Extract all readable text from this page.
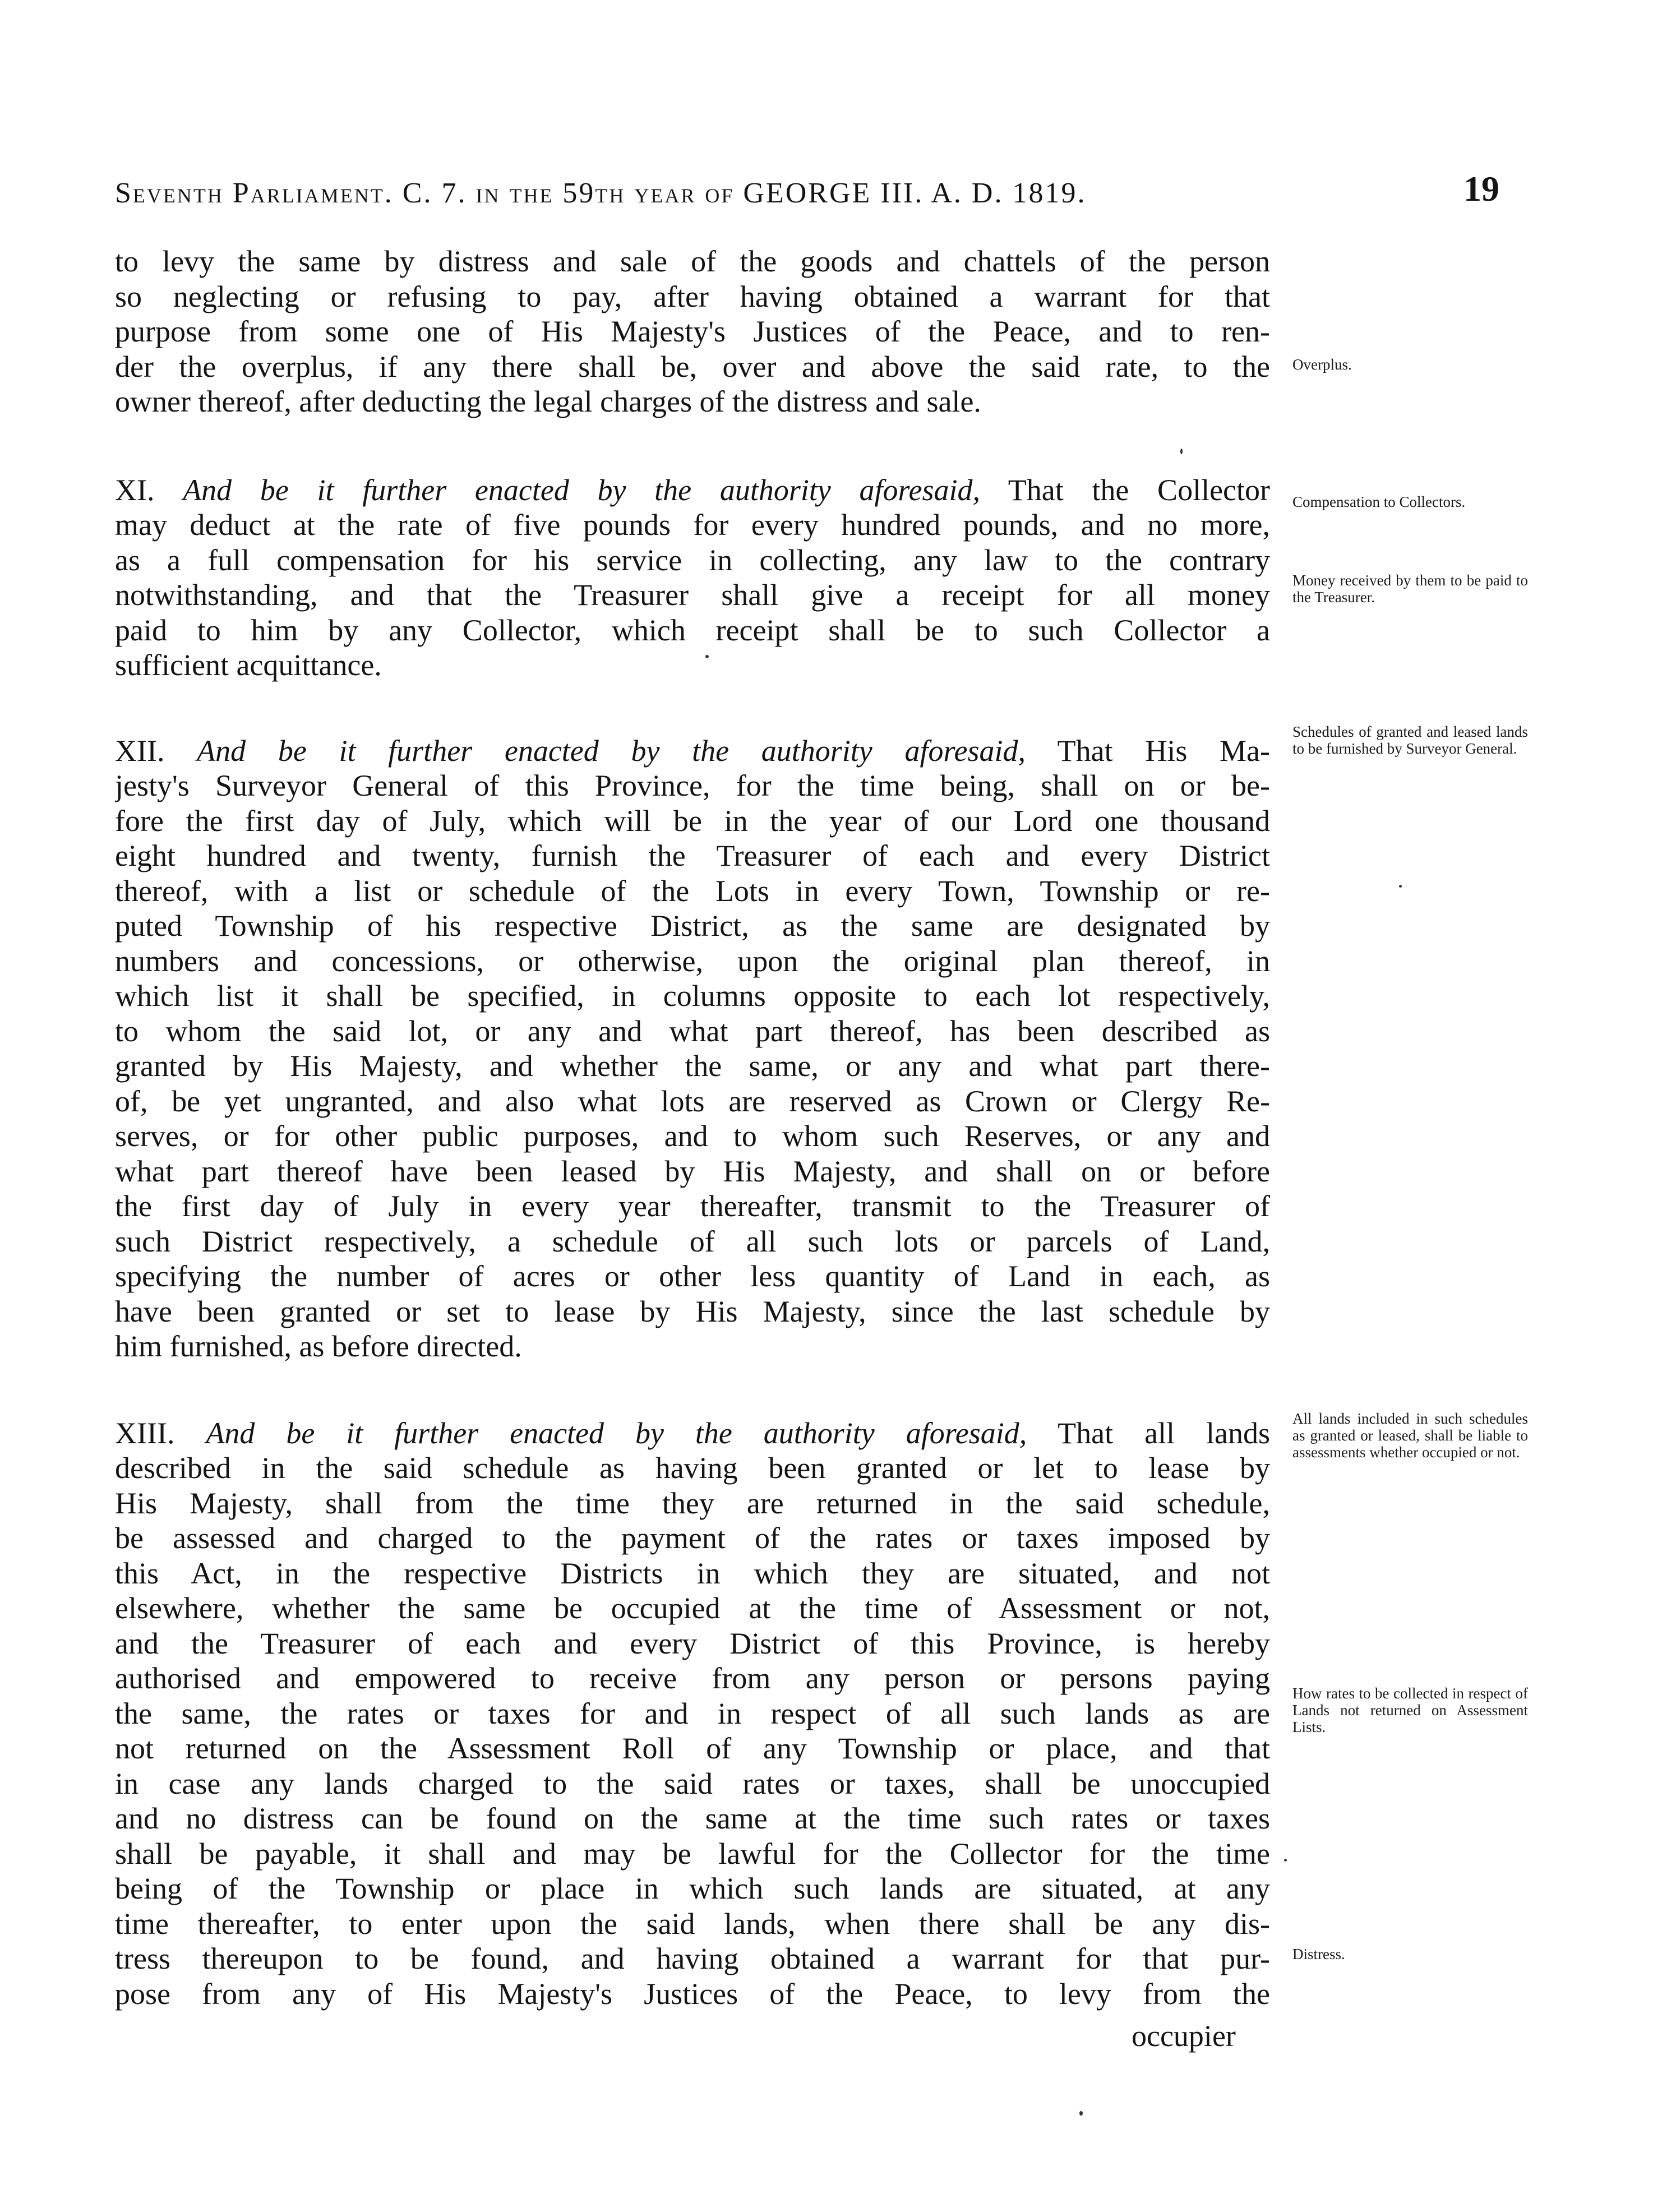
Seventh Parliament. C. 7. in the 59th year of GEORGE III. A. D. 1819.	19
to levy the same by distress and sale of the goods and chattels of the person
so neglecting or refusing to pay, after having obtained a warrant for that
purpose from some one of His Majesty's Justices of the Peace, and to ren-
der the overplus, if any there shall be, over and above the said rate, to the
owner thereof, after deducting the legal charges of the distress and sale.
XI. And be it further enacted by the authority aforesaid, That the Collector
may deduct at the rate of five pounds for every hundred pounds, and no more,
as a full compensation for his service in collecting, any law to the contrary
notwithstanding, and that the Treasurer shall give a receipt for all money
paid to him by any Collector, which receipt shall be to such Collector a
sufficient acquittance.
XII. And be it further enacted by the authority aforesaid, That His Ma-
jesty's Surveyor General of this Province, for the time being, shall on or be-
fore the first day of July, which will be in the year of our Lord one thousand
eight hundred and twenty, furnish the Treasurer of each and every District
thereof, with a list or schedule of the Lots in every Town, Township or re-
puted Township of his respective District, as the same are designated by
numbers and concessions, or otherwise, upon the original plan thereof, in
which list it shall be specified, in columns opposite to each lot respectively,
to whom the said lot, or any and what part thereof, has been described as
granted by His Majesty, and whether the same, or any and what part there-
of, be yet ungranted, and also what lots are reserved as Crown or Clergy Re-
serves, or for other public purposes, and to whom such Reserves, or any and
what part thereof have been leased by His Majesty, and shall on or before
the first day of July in every year thereafter, transmit to the Treasurer of
such District respectively, a schedule of all such lots or parcels of Land,
specifying the number of acres or other less quantity of Land in each, as
have been granted or set to lease by His Majesty, since the last schedule by
him furnished, as before directed.
XIII. And be it further enacted by the authority aforesaid, That all lands
described in the said schedule as having been granted or let to lease by
His Majesty, shall from the time they are returned in the said schedule,
be assessed and charged to the payment of the rates or taxes imposed by
this Act, in the respective Districts in which they are situated, and not
elsewhere, whether the same be occupied at the time of Assessment or not,
and the Treasurer of each and every District of this Province, is hereby
authorised and empowered to receive from any person or persons paying
the same, the rates or taxes for and in respect of all such lands as are
not returned on the Assessment Roll of any Township or place, and that
in case any lands charged to the said rates or taxes, shall be unoccupied
and no distress can be found on the same at the time such rates or taxes
shall be payable, it shall and may be lawful for the Collector for the time
being of the Township or place in which such lands are situated, at any
time thereafter, to enter upon the said lands, when there shall be any dis-
tress thereupon to be found, and having obtained a warrant for that pur-
pose from any of His Majesty's Justices of the Peace, to levy from the
Overplus.
Compensation to Collectors.
Money received by them to be paid to the Treasurer.
Schedules of granted and leased lands to be furnished by Surveyor General.
All lands included in such schedules as granted or leased, shall be liable to assessments whether occupied or not.
How rates to be collected in respect of Lands not returned on Assessment Lists.
Distress.
occupier
